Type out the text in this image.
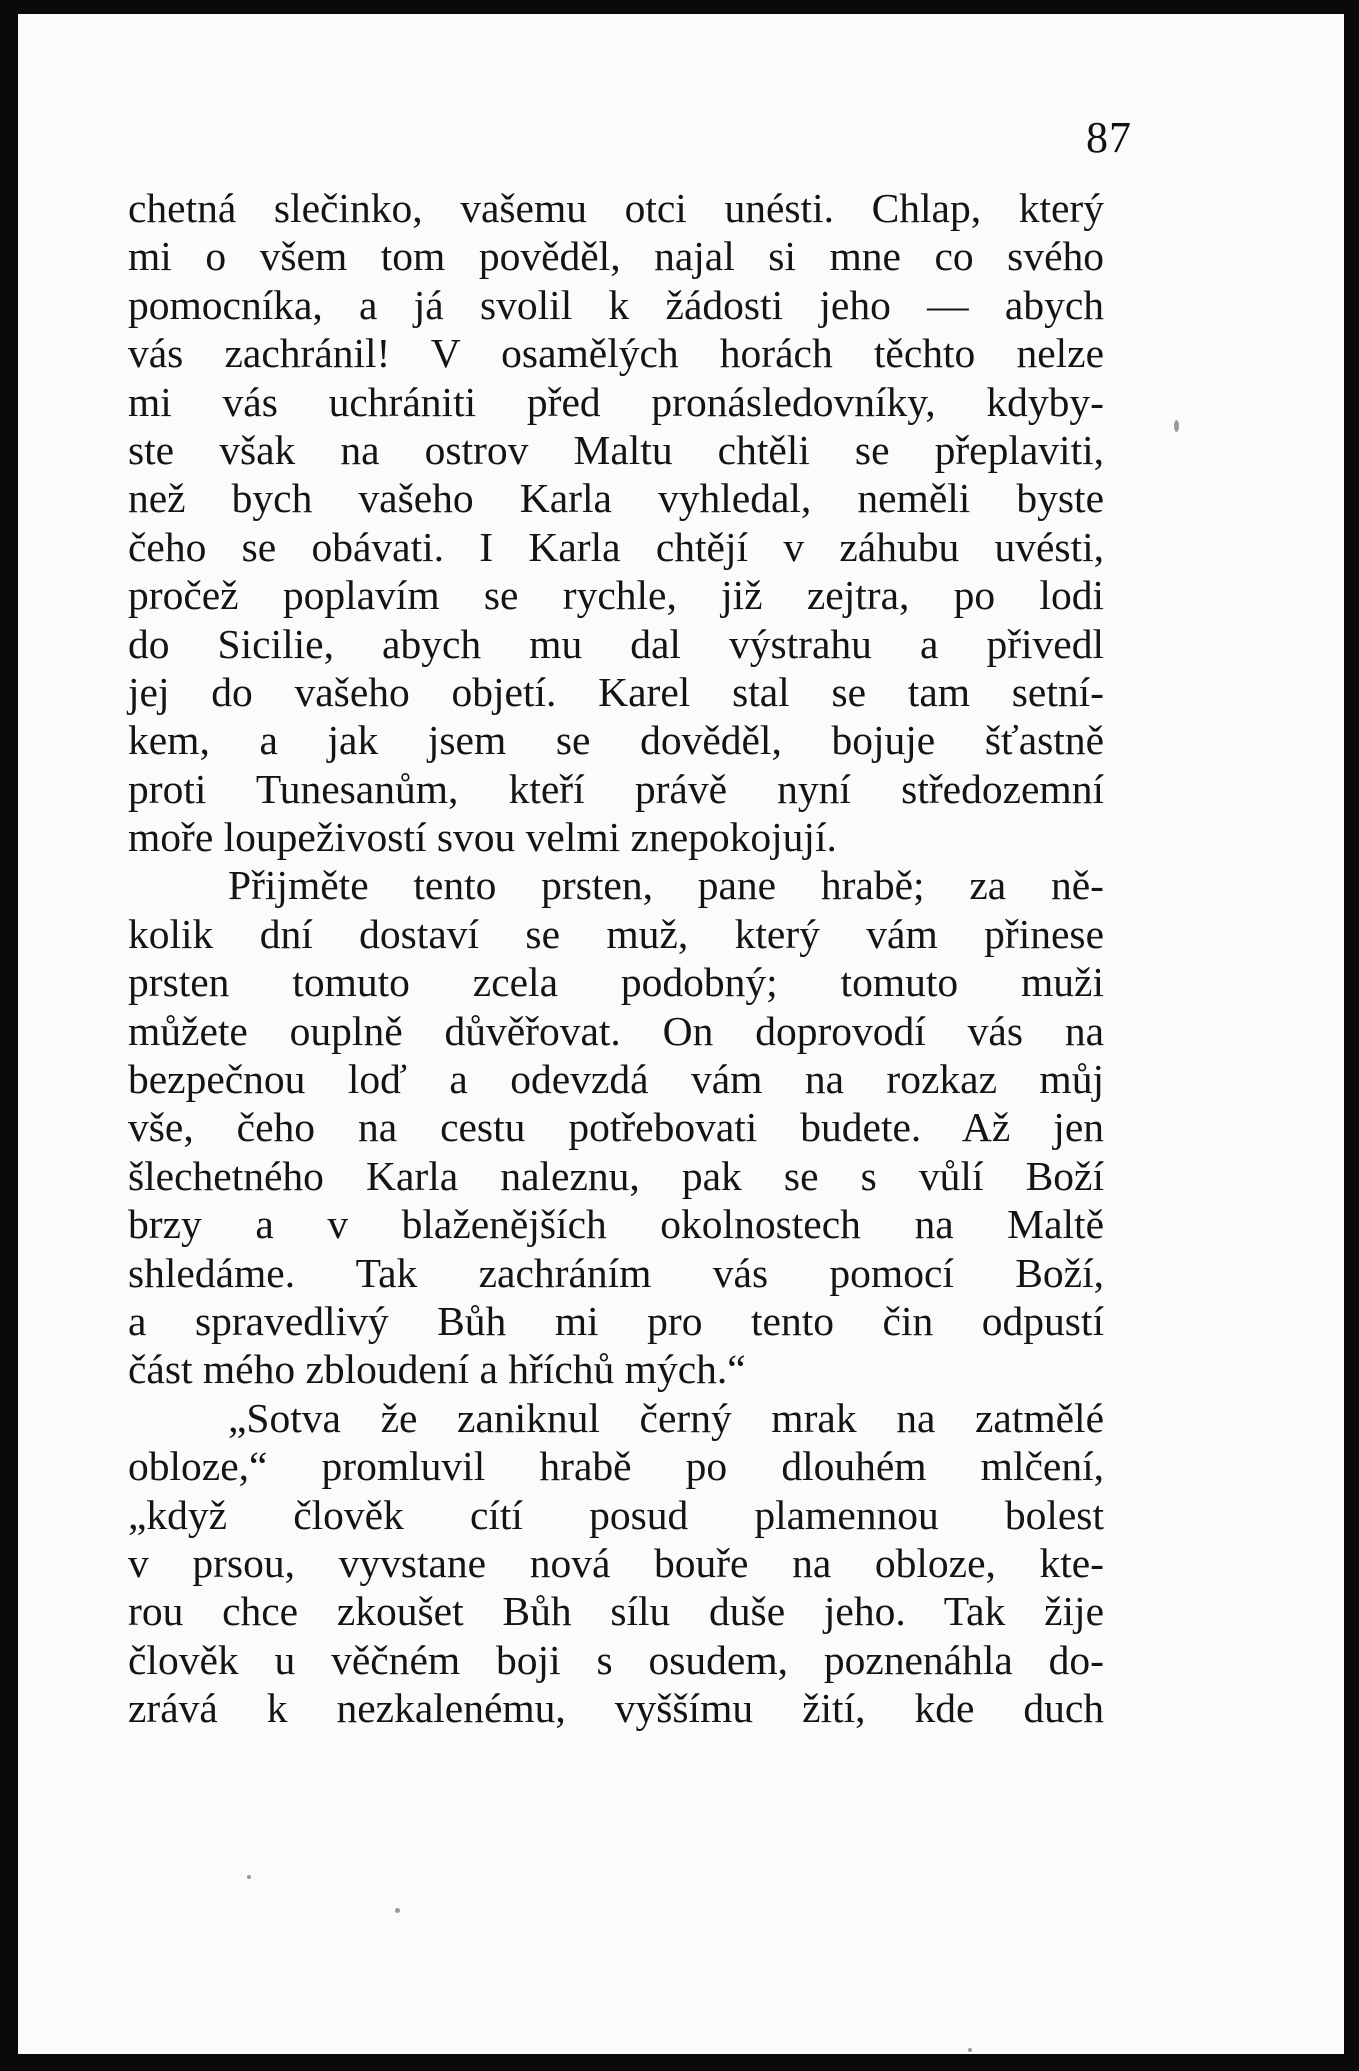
87
chetná slečinko, vašemu otci unésti. Chlap, který
mi o všem tom pověděl, najal si mne co svého
pomocníka, a já svolil k žádosti jeho — abych
vás zachránil! V osamělých horách těchto nelze
mi vás uchrániti před pronásledovníky, kdyby-
ste však na ostrov Maltu chtěli se přeplaviti,
než bych vašeho Karla vyhledal, neměli byste
čeho se obávati. I Karla chtějí v záhubu uvésti,
pročež poplavím se rychle, již zejtra, po lodi
do Sicilie, abych mu dal výstrahu a přivedl
jej do vašeho objetí. Karel stal se tam setní-
kem, a jak jsem se dověděl, bojuje šťastně
proti Tunesanům, kteří právě nyní středozemní
moře loupeživostí svou velmi znepokojují.
Přijměte tento prsten, pane hrabě; za ně-
kolik dní dostaví se muž, který vám přinese
prsten tomuto zcela podobný; tomuto muži
můžete ouplně důvěřovat. On doprovodí vás na
bezpečnou loď a odevzdá vám na rozkaz můj
vše, čeho na cestu potřebovati budete. Až jen
šlechetného Karla naleznu, pak se s vůlí Boží
brzy a v blaženějších okolnostech na Maltě
shledáme. Tak zachráním vás pomocí Boží,
a spravedlivý Bůh mi pro tento čin odpustí
část mého zbloudení a hříchů mých.“
„Sotva že zaniknul černý mrak na zatmělé
obloze,“ promluvil hrabě po dlouhém mlčení,
„když člověk cítí posud plamennou bolest
v prsou, vyvstane nová bouře na obloze, kte-
rou chce zkoušet Bůh sílu duše jeho. Tak žije
člověk u věčném boji s osudem, poznenáhla do-
zrává k nezkalenému, vyššímu žití, kde duch
